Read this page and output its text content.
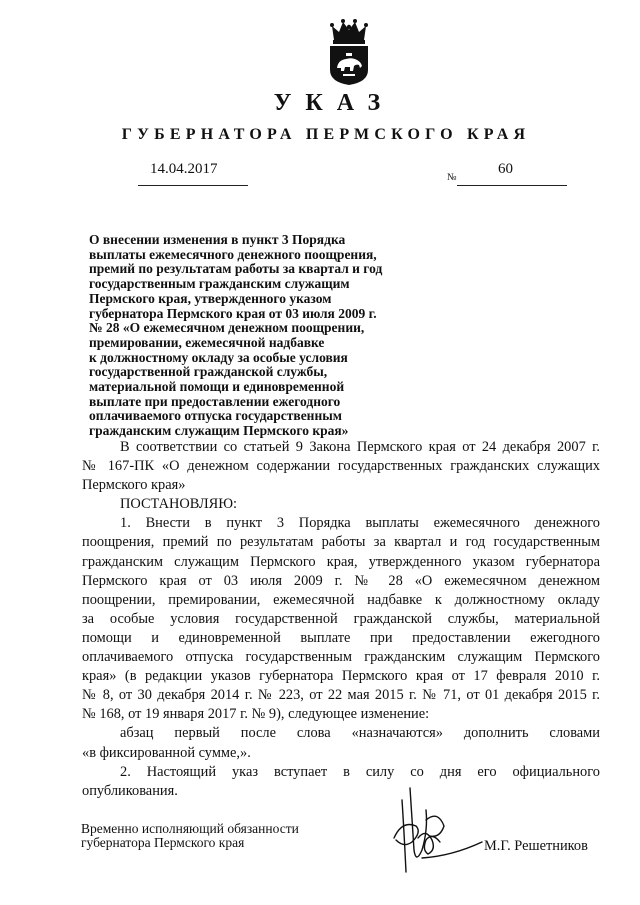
УКАЗ
ГУБЕРНАТОРА ПЕРМСКОГО КРАЯ
14.04.2017
№
60
О внесении изменения в пункт 3 Порядка
выплаты ежемесячного денежного поощрения,
премий по результатам работы за квартал и год
государственным гражданским служащим
Пермского края, утвержденного указом
губернатора Пермского края от 03 июля 2009 г.
№ 28 «О ежемесячном денежном поощрении,
премировании, ежемесячной надбавке
к должностному окладу за особые условия
государственной гражданской службы,
материальной помощи и единовременной
выплате при предоставлении ежегодного
оплачиваемого отпуска государственным
гражданским служащим Пермского края»
В соответствии со статьей 9 Закона Пермского края от 24 декабря 2007 г.
№ 167-ПК «О денежном содержании государственных гражданских служащих
Пермского края»
ПОСТАНОВЛЯЮ:
1. Внести в пункт 3 Порядка выплаты ежемесячного денежного
поощрения, премий по результатам работы за квартал и год государственным
гражданским служащим Пермского края, утвержденного указом губернатора
Пермского края от 03 июля 2009 г. № 28 «О ежемесячном денежном
поощрении, премировании, ежемесячной надбавке к должностному окладу
за особые условия государственной гражданской службы, материальной
помощи и единовременной выплате при предоставлении ежегодного
оплачиваемого отпуска государственным гражданским служащим Пермского
края» (в редакции указов губернатора Пермского края от 17 февраля 2010 г.
№ 8, от 30 декабря 2014 г. № 223, от 22 мая 2015 г. № 71, от 01 декабря 2015 г.
№ 168, от 19 января 2017 г. № 9), следующее изменение:
абзац первый после слова «назначаются» дополнить словами
«в фиксированной сумме,».
2. Настоящий указ вступает в силу со дня его официального
опубликования.
Временно исполняющий обязанности
губернатора Пермского края	М.Г. Решетников
